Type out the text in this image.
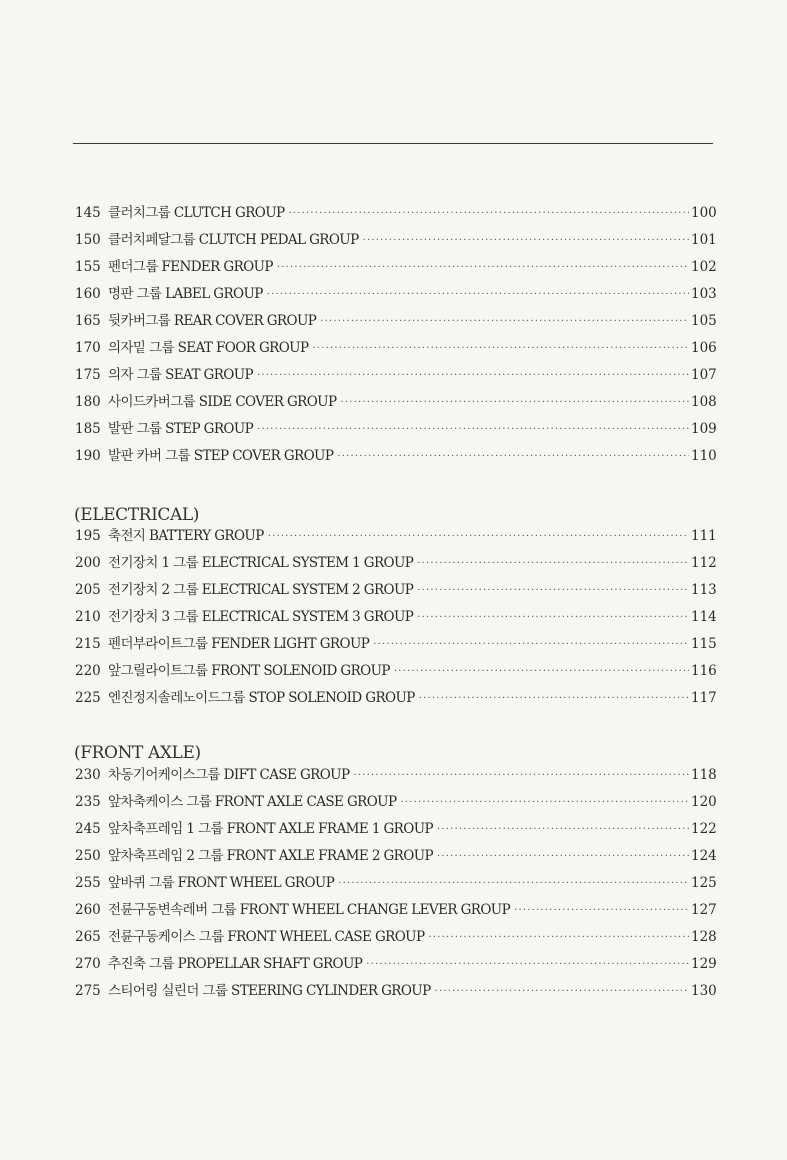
145 클러치그룹 CLUTCH GROUP ·····	100
150 클러치페달그룹 CLUTCH PEDAL GROUP ·····	101
155 펜더그룹 FENDER GROUP ·····	102
160 명판 그룹 LABEL GROUP ·····	103
165 뒷카버그룹 REAR COVER GROUP ·····	105
170 의자밑 그룹 SEAT FOOR GROUP ·····	106
175 의자 그룹 SEAT GROUP ·····	107
180 사이드카버그룹 SIDE COVER GROUP ·····	108
185 발판 그룹 STEP GROUP ·····	109
190 발판 카버 그룹 STEP COVER GROUP ·····	110
(ELECTRICAL)
195 축전지 BATTERY GROUP ·····	111
200 전기장치 1 그룹 ELECTRICAL SYSTEM 1 GROUP ·····	112
205 전기장치 2 그룹 ELECTRICAL SYSTEM 2 GROUP ·····	113
210 전기장치 3 그룹 ELECTRICAL SYSTEM 3 GROUP ·····	114
215 펜더부라이트그룹 FENDER LIGHT GROUP ·····	115
220 앞그릴라이트그룹 FRONT SOLENOID GROUP ·····	116
225 엔진정지솔레노이드그룹 STOP SOLENOID GROUP ·····	117
(FRONT AXLE)
230 차동기어케이스그룹 DIFT CASE GROUP ·····	118
235 앞차축케이스 그룹 FRONT AXLE CASE GROUP ·····	120
245 앞차축프레임 1 그룹 FRONT AXLE FRAME 1 GROUP ·····	122
250 앞차축프레임 2 그룹 FRONT AXLE FRAME 2 GROUP ·····	124
255 앞바퀴 그룹 FRONT WHEEL GROUP ·····	125
260 전륜구동변속레버 그룹 FRONT WHEEL CHANGE LEVER GROUP ·····	127
265 전륜구동케이스 그룹 FRONT WHEEL CASE GROUP ·····	128
270 추진축 그룹 PROPELLAR SHAFT GROUP ·····	129
275 스티어링 실린더 그룹 STEERING CYLINDER GROUP ·····	130
